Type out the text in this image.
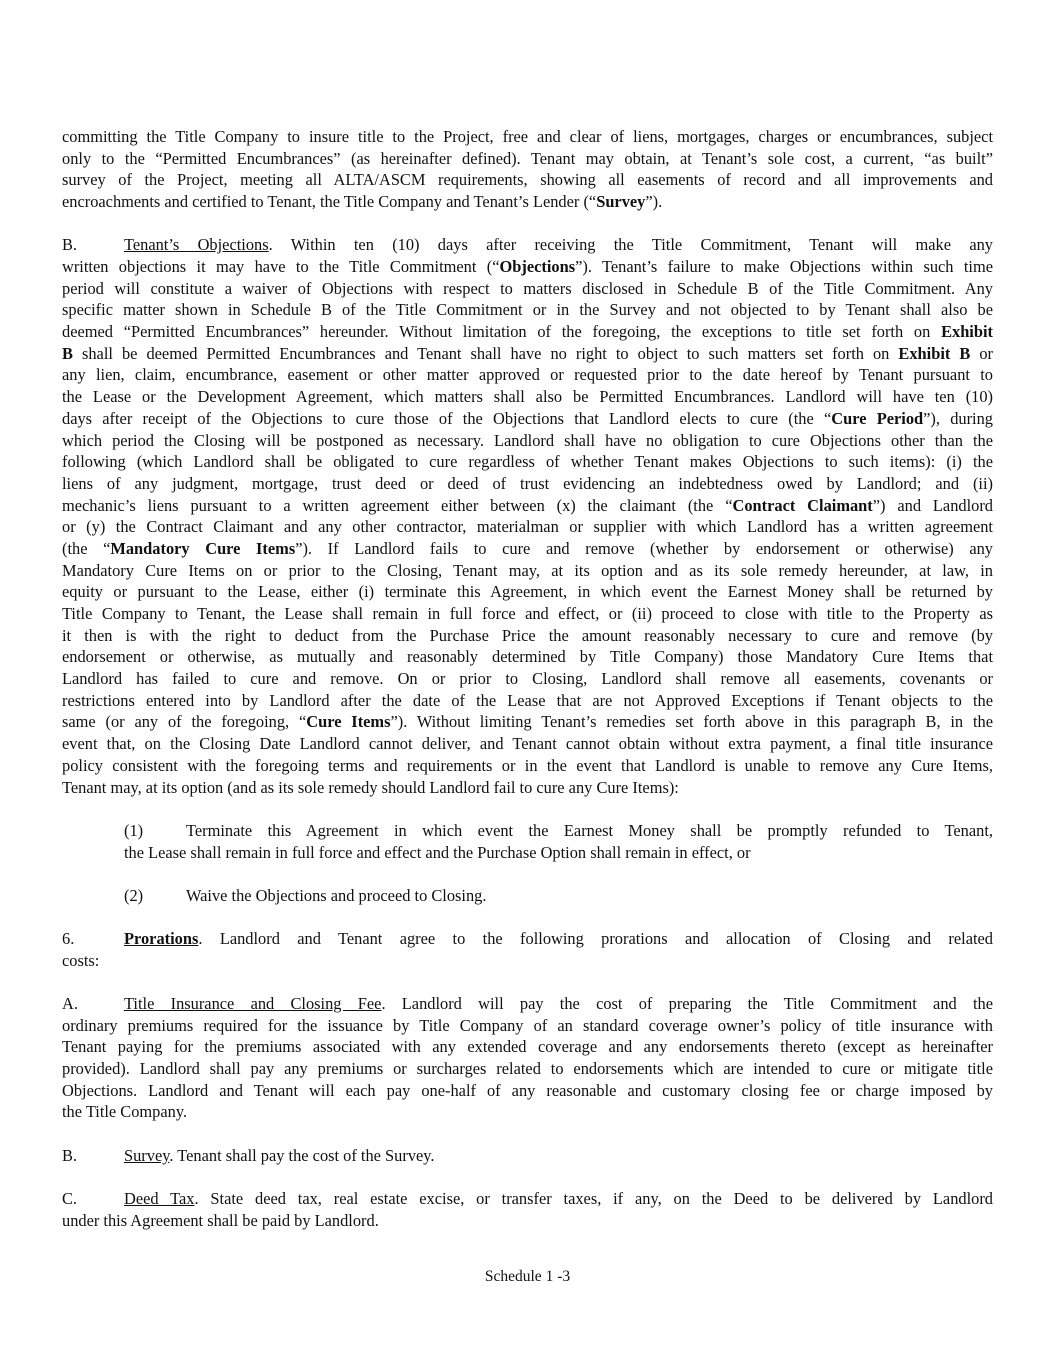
committing the Title Company to insure title to the Project, free and clear of liens, mortgages, charges or encumbrances, subject
only to the “Permitted Encumbrances” (as hereinafter defined). Tenant may obtain, at Tenant’s sole cost, a current, “as built”
survey of the Project, meeting all ALTA/ASCM requirements, showing all easements of record and all improvements and
encroachments and certified to Tenant, the Title Company and Tenant’s Lender (“Survey”).
B.	Tenant’s Objections. Within ten (10) days after receiving the Title Commitment, Tenant will make any
written objections it may have to the Title Commitment (“Objections”). Tenant’s failure to make Objections within such time
period will constitute a waiver of Objections with respect to matters disclosed in Schedule B of the Title Commitment. Any
specific matter shown in Schedule B of the Title Commitment or in the Survey and not objected to by Tenant shall also be
deemed “Permitted Encumbrances” hereunder. Without limitation of the foregoing, the exceptions to title set forth on Exhibit
B shall be deemed Permitted Encumbrances and Tenant shall have no right to object to such matters set forth on Exhibit B or
any lien, claim, encumbrance, easement or other matter approved or requested prior to the date hereof by Tenant pursuant to
the Lease or the Development Agreement, which matters shall also be Permitted Encumbrances. Landlord will have ten (10)
days after receipt of the Objections to cure those of the Objections that Landlord elects to cure (the “Cure Period”), during
which period the Closing will be postponed as necessary. Landlord shall have no obligation to cure Objections other than the
following (which Landlord shall be obligated to cure regardless of whether Tenant makes Objections to such items): (i) the
liens of any judgment, mortgage, trust deed or deed of trust evidencing an indebtedness owed by Landlord; and (ii)
mechanic’s liens pursuant to a written agreement either between (x) the claimant (the “Contract Claimant”) and Landlord
or (y) the Contract Claimant and any other contractor, materialman or supplier with which Landlord has a written agreement
(the “Mandatory Cure Items”). If Landlord fails to cure and remove (whether by endorsement or otherwise) any
Mandatory Cure Items on or prior to the Closing, Tenant may, at its option and as its sole remedy hereunder, at law, in
equity or pursuant to the Lease, either (i) terminate this Agreement, in which event the Earnest Money shall be returned by
Title Company to Tenant, the Lease shall remain in full force and effect, or (ii) proceed to close with title to the Property as
it then is with the right to deduct from the Purchase Price the amount reasonably necessary to cure and remove (by
endorsement or otherwise, as mutually and reasonably determined by Title Company) those Mandatory Cure Items that
Landlord has failed to cure and remove. On or prior to Closing, Landlord shall remove all easements, covenants or
restrictions entered into by Landlord after the date of the Lease that are not Approved Exceptions if Tenant objects to the
same (or any of the foregoing, “Cure Items”). Without limiting Tenant’s remedies set forth above in this paragraph B, in the
event that, on the Closing Date Landlord cannot deliver, and Tenant cannot obtain without extra payment, a final title insurance
policy consistent with the foregoing terms and requirements or in the event that Landlord is unable to remove any Cure Items,
Tenant may, at its option (and as its sole remedy should Landlord fail to cure any Cure Items):
(1)	Terminate this Agreement in which event the Earnest Money shall be promptly refunded to Tenant,
the Lease shall remain in full force and effect and the Purchase Option shall remain in effect, or
(2)	Waive the Objections and proceed to Closing.
6.	Prorations. Landlord and Tenant agree to the following prorations and allocation of Closing and related
costs:
A.	Title Insurance and Closing Fee. Landlord will pay the cost of preparing the Title Commitment and the
ordinary premiums required for the issuance by Title Company of an standard coverage owner’s policy of title insurance with
Tenant paying for the premiums associated with any extended coverage and any endorsements thereto (except as hereinafter
provided). Landlord shall pay any premiums or surcharges related to endorsements which are intended to cure or mitigate title
Objections. Landlord and Tenant will each pay one-half of any reasonable and customary closing fee or charge imposed by
the Title Company.
B.	Survey. Tenant shall pay the cost of the Survey.
C.	Deed Tax. State deed tax, real estate excise, or transfer taxes, if any, on the Deed to be delivered by Landlord
under this Agreement shall be paid by Landlord.
Schedule 1 -3
